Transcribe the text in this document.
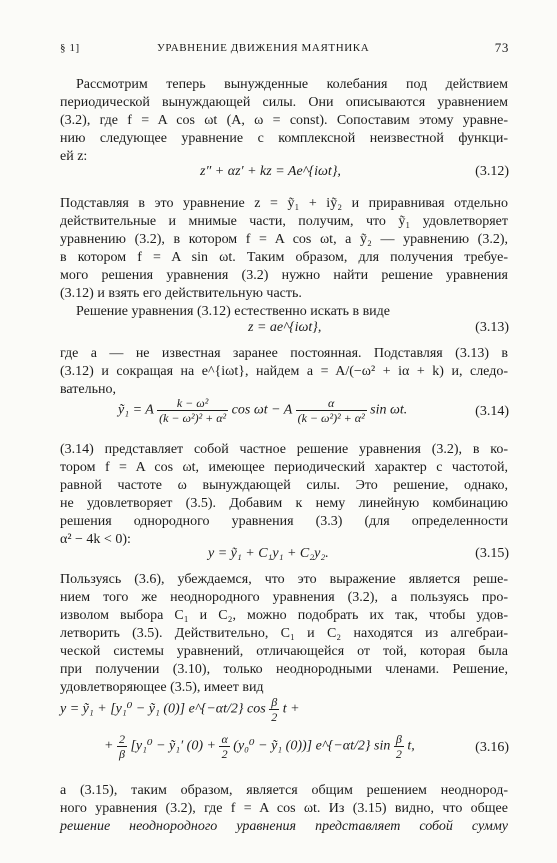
§ 1]	УРАВНЕНИЕ ДВИЖЕНИЯ МАЯТНИКА	73
Рассмотрим теперь вынужденные колебания под действием
периодической вынуждающей силы. Они описываются уравнением
(3.2), где f = A cos ωt (A, ω = const). Сопоставим этому уравне-
нию следующее уравнение с комплексной неизвестной функци-
ей z:
z″ + αz′ + kz = Ae^{iωt},	(3.12)
Подставляя в это уравнение z = ỹ₁ + iỹ₂ и приравнивая отдельно
действительные и мнимые части, получим, что ỹ₁ удовлетворяет
уравнению (3.2), в котором f = A cos ωt, а ỹ₂ — уравнению (3.2),
в котором f = A sin ωt. Таким образом, для получения требуе-
мого решения уравнения (3.2) нужно найти решение уравнения
(3.12) и взять его действительную часть.
Решение уравнения (3.12) естественно искать в виде
z = ae^{iωt},	(3.13)
где a — не известная заранее постоянная. Подставляя (3.13) в
(3.12) и сокращая на e^{iωt}, найдем a = A/(−ω² + iα + k) и, следо-
вательно,
ỹ₁ = A $\frac{\text{k − ω²}}{\text{(k − ω²)² + α²}}$ cos ωt − A $\frac{\alpha}{\text{(k − ω²)² + α²}}$ sin ωt.	(3.14)
(3.14) представляет собой частное решение уравнения (3.2), в ко-
тором f = A cos ωt, имеющее периодический характер с частотой,
равной частоте ω вынуждающей силы. Это решение, однако,
не удовлетворяет (3.5). Добавим к нему линейную комбинацию
решения однородного уравнения (3.3) (для определенности
α² − 4k < 0):
y = ỹ₁ + C₁y₁ + C₂y₂.	(3.15)
Пользуясь (3.6), убеждаемся, что это выражение является реше-
нием того же неоднородного уравнения (3.2), а пользуясь про-
изволом выбора C₁ и C₂, можно подобрать их так, чтобы удов-
летворить (3.5). Действительно, C₁ и C₂ находятся из алгебраи-
ческой системы уравнений, отличающейся от той, которая была
при получении (3.10), только неоднородными членами. Решение,
удовлетворяющее (3.5), имеет вид
y = ỹ₁ + [y₁⁰ − ỹ₁ (0)] e^{−αt/2} $\cos \frac{\beta}{2}$ t +
+ $\frac{2}{\beta} [y_1^0$ − ỹ₁′ $(0) + \frac{\alpha}{2} (y_0^0$ − ỹ₁ (0))] e^{−αt/2} $\sin \frac{\beta}{2} t$,	(3.16)
а (3.15), таким образом, является общим решением неоднород-
ного уравнения (3.2), где f = A cos ωt. Из (3.15) видно, что общее
решение неоднородного уравнения представляет собой сумму
